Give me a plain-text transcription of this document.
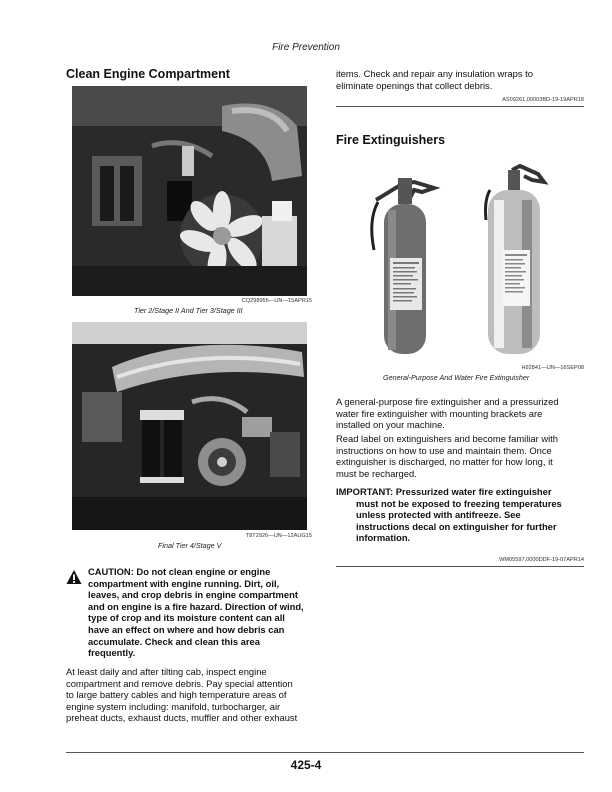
Fire Prevention
Clean Engine Compartment
CQ298955—UN—15APR15
Tier 2/Stage II And Tier 3/Stage III
T8T2926—UN—12AUG15
Final Tier 4/Stage V
CAUTION: Do not clean engine or engine
compartment with engine running. Dirt, oil,
leaves, and crop debris in engine compartment
and on engine is a fire hazard. Direction of wind,
type of crop and its moisture content can all
have an effect on where and how debris can
accumulate. Check and clean this area
frequently.
At least daily and after tilting cab, inspect engine
compartment and remove debris. Pay special attention
to large battery cables and high temperature areas of
engine system including: manifold, turbocharger, air
preheat ducts, exhaust ducts, muffler and other exhaust
items. Check and repair any insulation wraps to
eliminate openings that collect debris.
AS09261,00003BD-19-19APR18
Fire Extinguishers
H92841—UN—16SEP08
General-Purpose And Water Fire Extinguisher
A general-purpose fire extinguisher and a pressurized
water fire extinguisher with mounting brackets are
installed on your machine.
Read label on extinguishers and become familiar with
instructions on how to use and maintain them. Once
extinguisher is discharged, no matter for how long, it
must be recharged.
IMPORTANT: Pressurized water fire extinguisher
must not be exposed to freezing temperatures
unless protected with antifreeze. See
instructions decal on extinguisher for further
information.
WM05597,0000DDF-19-07APR14
425-4
